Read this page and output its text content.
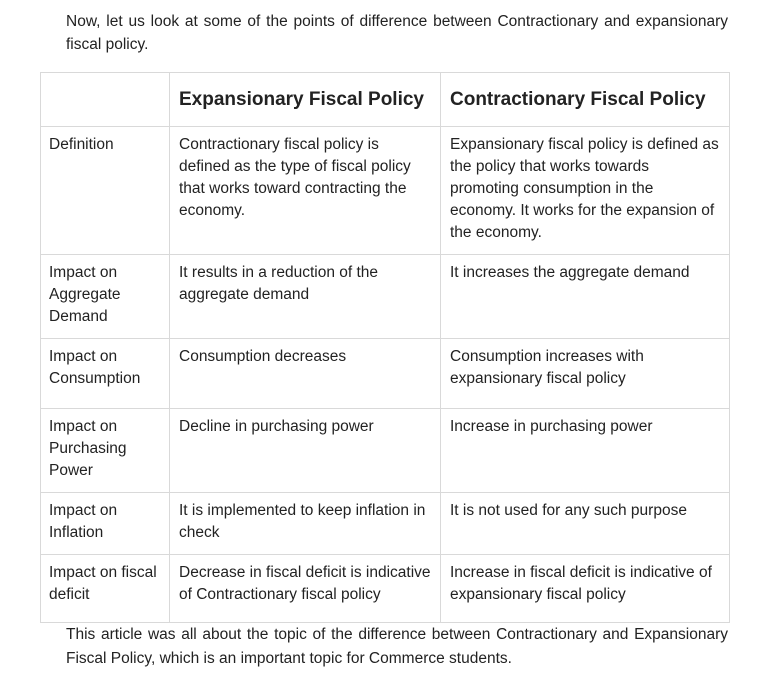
Now, let us look at some of the points of difference between Contractionary and expansionary fiscal policy.

	Expansionary Fiscal Policy	Contractionary Fiscal Policy
Definition	Contractionary fiscal policy is defined as the type of fiscal policy that works toward contracting the economy.	Expansionary fiscal policy is defined as the policy that works towards promoting consumption in the economy. It works for the expansion of the economy.
Impact on Aggregate Demand	It results in a reduction of the aggregate demand	It increases the aggregate demand
Impact on Consumption	Consumption decreases	Consumption increases with expansionary fiscal policy
Impact on Purchasing Power	Decline in purchasing power	Increase in purchasing power
Impact on Inflation	It is implemented to keep inflation in check	It is not used for any such purpose
Impact on fiscal deficit	Decrease in fiscal deficit is indicative of Contractionary fiscal policy	Increase in fiscal deficit is indicative of expansionary fiscal policy

This article was all about the topic of the difference between Contractionary and Expansionary Fiscal Policy, which is an important topic for Commerce students.
